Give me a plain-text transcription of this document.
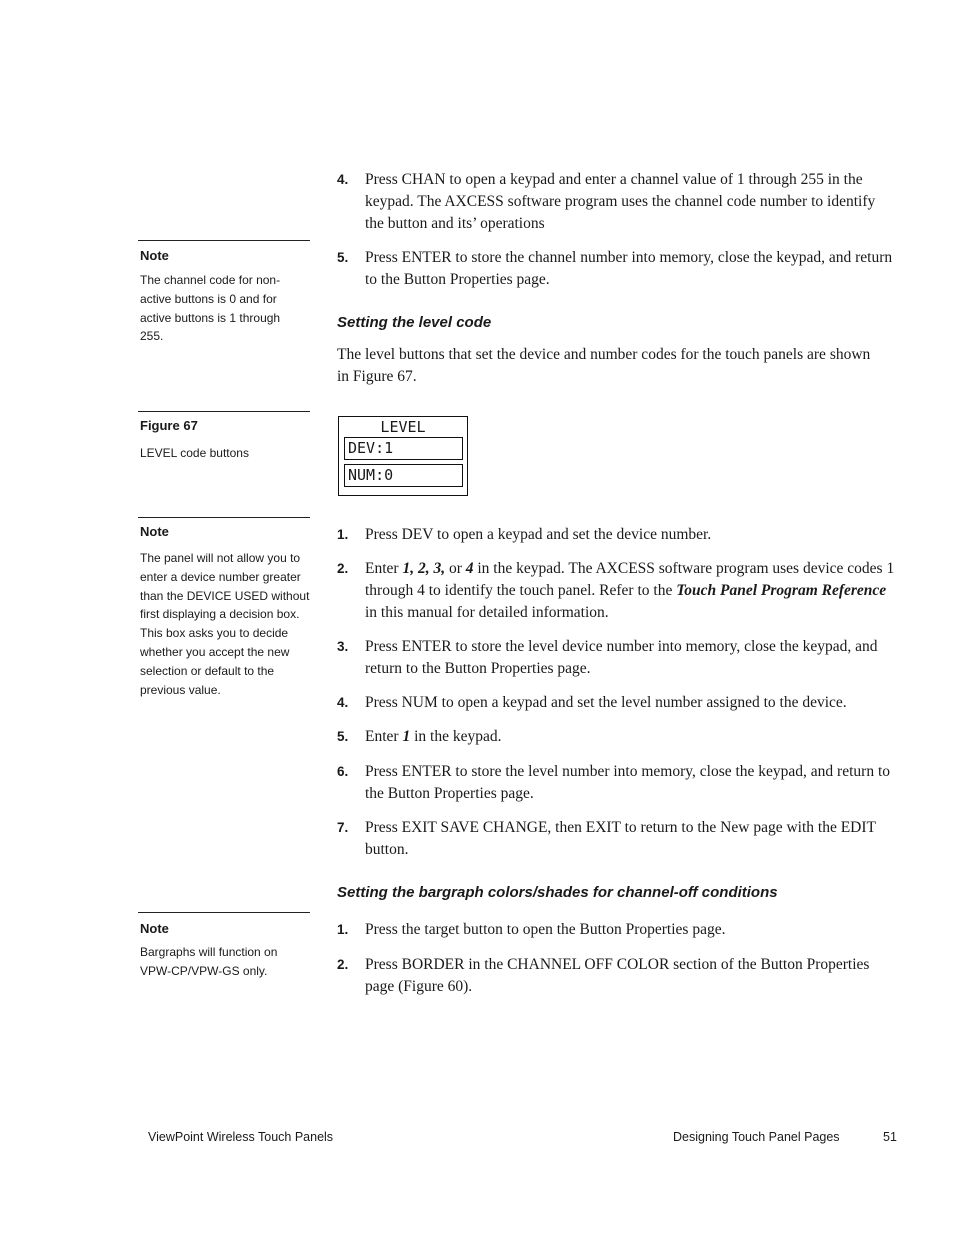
4. Press CHAN to open a keypad and enter a channel value of 1 through 255 in the keypad. The AXCESS software program uses the channel code number to identify the button and its’ operations
5. Press ENTER to store the channel number into memory, close the keypad, and return to the Button Properties page.
Note
The channel code for non-active buttons is 0 and for active buttons is 1 through 255.
Setting the level code
The level buttons that set the device and number codes for the touch panels are shown in Figure 67.
Figure 67
LEVEL code buttons
LEVEL
DEV:1
NUM:0
Note
The panel will not allow you to enter a device number greater than the DEVICE USED without first displaying a decision box. This box asks you to decide whether you accept the new selection or default to the previous value.
1. Press DEV to open a keypad and set the device number.
2. Enter 1, 2, 3, or 4 in the keypad. The AXCESS software program uses device codes 1 through 4 to identify the touch panel. Refer to the Touch Panel Program Reference in this manual for detailed information.
3. Press ENTER to store the level device number into memory, close the keypad, and return to the Button Properties page.
4. Press NUM to open a keypad and set the level number assigned to the device.
5. Enter 1 in the keypad.
6. Press ENTER to store the level number into memory, close the keypad, and return to the Button Properties page.
7. Press EXIT SAVE CHANGE, then EXIT to return to the New page with the EDIT button.
Setting the bargraph colors/shades for channel-off conditions
Note
Bargraphs will function on VPW-CP/VPW-GS only.
1. Press the target button to open the Button Properties page.
2. Press BORDER in the CHANNEL OFF COLOR section of the Button Properties page (Figure 60).
ViewPoint Wireless Touch Panels	Designing Touch Panel Pages	51
